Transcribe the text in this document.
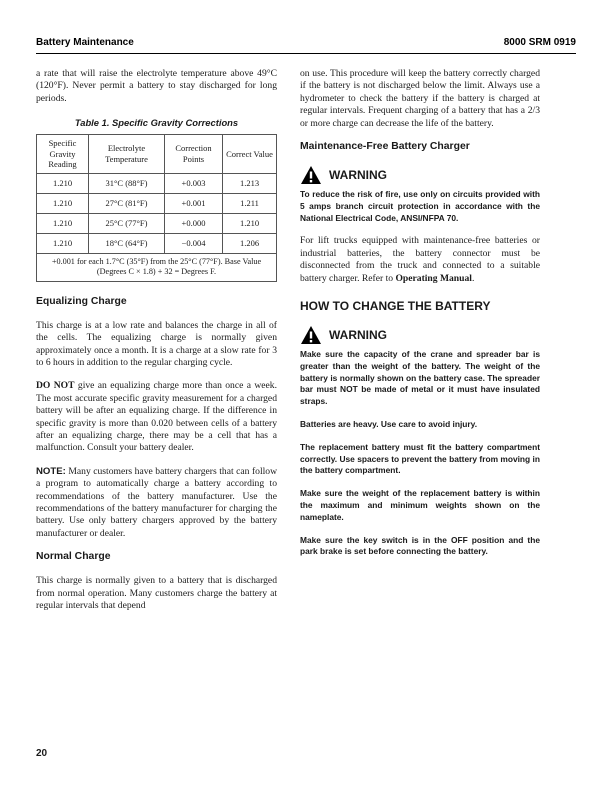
Battery Maintenance	8000 SRM 0919

a rate that will raise the electrolyte temperature above 49°C (120°F). Never permit a battery to stay discharged for long periods.

Table 1. Specific Gravity Corrections
Specific Gravity Reading	Electrolyte Temperature	Correction Points	Correct Value
1.210	31°C (88°F)	+0.003	1.213
1.210	27°C (81°F)	+0.001	1.211
1.210	25°C (77°F)	+0.000	1.210
1.210	18°C (64°F)	−0.004	1.206
+0.001 for each 1.7°C (35°F) from the 25°C (77°F). Base Value (Degrees C × 1.8) + 32 = Degrees F.			
Equalizing Charge

This charge is at a low rate and balances the charge in all of the cells. The equalizing charge is normally given approximately once a month. It is a charge at a slow rate for 3 to 6 hours in addition to the regular charging cycle.

DO NOT give an equalizing charge more than once a week. The most accurate specific gravity measurement for a charged battery will be after an equalizing charge. If the difference in specific gravity is more than 0.020 between cells of a battery after an equalizing charge, there may be a cell that has a malfunction. Consult your battery dealer.

NOTE: Many customers have battery chargers that can follow a program to automatically charge a battery according to recommendations of the battery manufacturer. Use the recommendations of the battery manufacturer for charging the battery. Use only battery chargers approved by the battery manufacturer or dealer.

Normal Charge

This charge is normally given to a battery that is discharged from normal operation. Many customers charge the battery at regular intervals that depend

on use. This procedure will keep the battery correctly charged if the battery is not discharged below the limit. Always use a hydrometer to check the battery if the battery is charged at regular intervals. Frequent charging of a battery that has a 2/3 or more charge can decrease the life of the battery.

Maintenance-Free Battery Charger
WARNING

To reduce the risk of fire, use only on circuits provided with 5 amps branch circuit protection in accordance with the National Electrical Code, ANSI/NFPA 70.

For lift trucks equipped with maintenance-free batteries or industrial batteries, the battery connector must be disconnected from the truck and connected to a suitable battery charger. Refer to Operating Manual.

HOW TO CHANGE THE BATTERY
WARNING

Make sure the capacity of the crane and spreader bar is greater than the weight of the battery. The weight of the battery is normally shown on the battery case. The spreader bar must NOT be made of metal or it must have insulated straps.

Batteries are heavy. Use care to avoid injury.

The replacement battery must fit the battery compartment correctly. Use spacers to prevent the battery from moving in the battery compartment.

Make sure the weight of the replacement battery is within the maximum and minimum weights shown on the nameplate.

Make sure the key switch is in the OFF position and the park brake is set before connecting the battery.

20
